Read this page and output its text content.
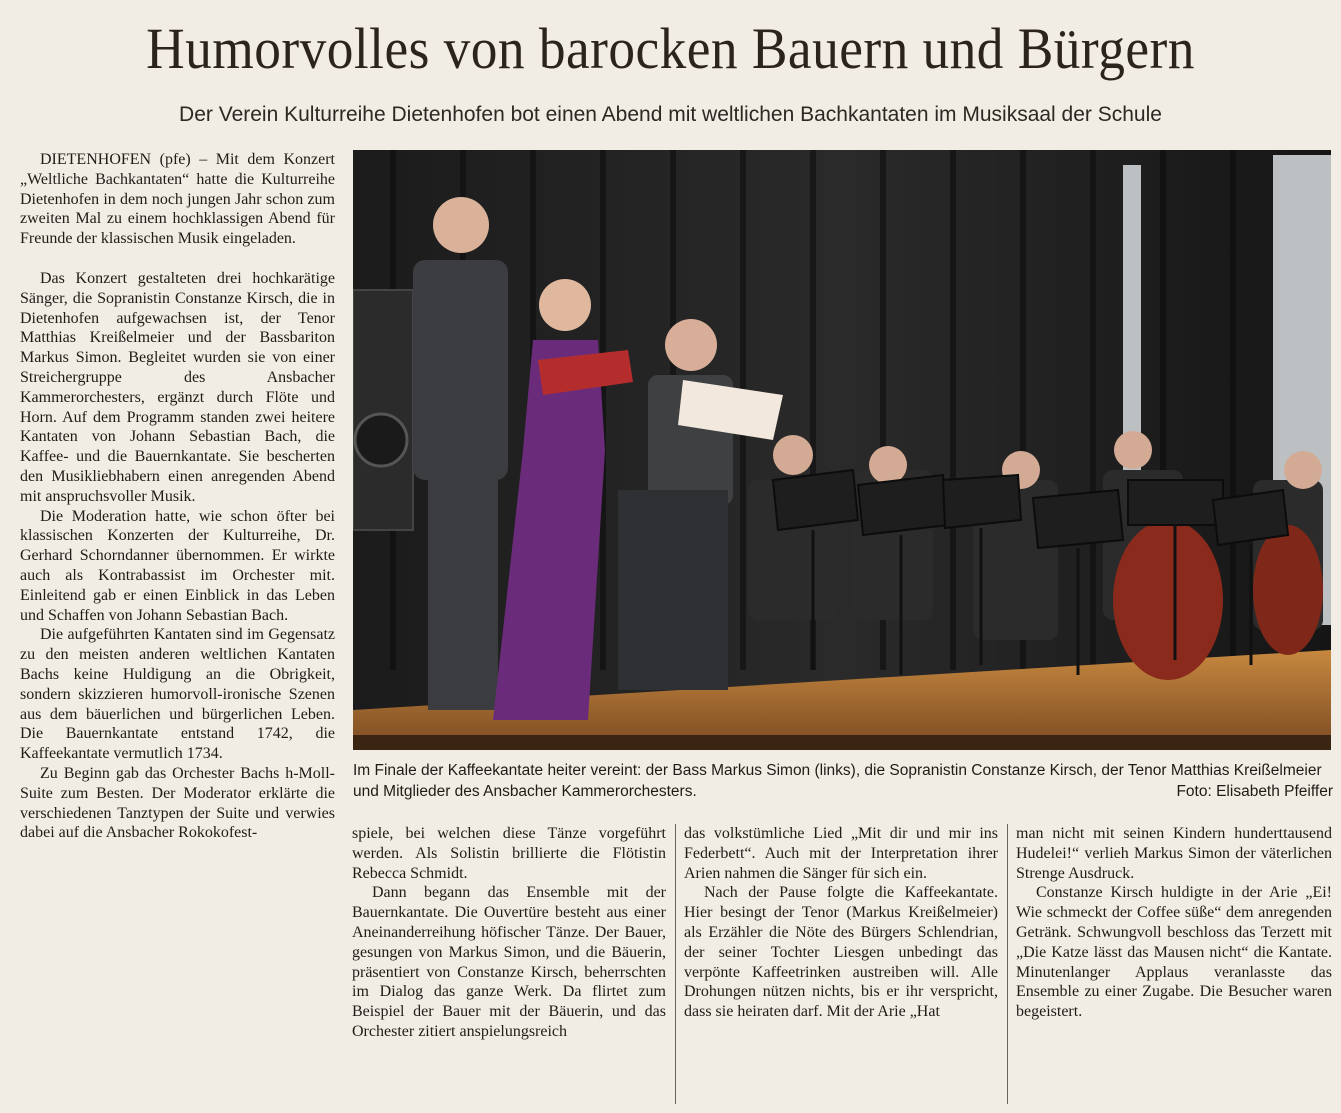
Humorvolles von barocken Bauern und Bürgern
Der Verein Kulturreihe Dietenhofen bot einen Abend mit weltlichen Bachkantaten im Musiksaal der Schule

DIETENHOFEN (pfe) – Mit dem Konzert „Weltliche Bachkantaten“ hatte die Kulturreihe Dietenhofen in dem noch jungen Jahr schon zum zweiten Mal zu einem hochklassigen Abend für Freunde der klassischen Musik eingeladen.

Das Konzert gestalteten drei hochkarätige Sänger, die Sopranistin Constanze Kirsch, die in Dietenhofen aufgewachsen ist, der Tenor Matthias Kreißelmeier und der Bassbariton Markus Simon. Begleitet wurden sie von einer Streichergruppe des Ansbacher Kammerorchesters, ergänzt durch Flöte und Horn. Auf dem Programm standen zwei heitere Kantaten von Johann Sebastian Bach, die Kaffee- und die Bauernkantate. Sie bescherten den Musikliebhabern einen anregenden Abend mit anspruchsvoller Musik.

Die Moderation hatte, wie schon öfter bei klassischen Konzerten der Kulturreihe, Dr. Gerhard Schorndanner übernommen. Er wirkte auch als Kontrabassist im Orchester mit. Einleitend gab er einen Einblick in das Leben und Schaffen von Johann Sebastian Bach.

Die aufgeführten Kantaten sind im Gegensatz zu den meisten anderen weltlichen Kantaten Bachs keine Huldigung an die Obrigkeit, sondern skizzieren humorvoll-ironische Szenen aus dem bäuerlichen und bürgerlichen Leben. Die Bauernkantate entstand 1742, die Kaffeekantate vermutlich 1734.

Zu Beginn gab das Orchester Bachs h-Moll-Suite zum Besten. Der Moderator erklärte die verschiedenen Tanztypen der Suite und verwies dabei auf die Ansbacher Rokokofest-

Im Finale der Kaffeekantate heiter vereint: der Bass Markus Simon (links), die Sopranistin Constanze Kirsch, der Tenor Matthias Kreißelmeier und Mitglieder des Ansbacher Kammerorchesters.	Foto: Elisabeth Pfeiffer

spiele, bei welchen diese Tänze vorgeführt werden. Als Solistin brillierte die Flötistin Rebecca Schmidt.

Dann begann das Ensemble mit der Bauernkantate. Die Ouvertüre besteht aus einer Aneinanderreihung höfischer Tänze. Der Bauer, gesungen von Markus Simon, und die Bäuerin, präsentiert von Constanze Kirsch, beherrschten im Dialog das ganze Werk. Da flirtet zum Beispiel der Bauer mit der Bäuerin, und das Orchester zitiert anspielungsreich

das volkstümliche Lied „Mit dir und mir ins Federbett“. Auch mit der Interpretation ihrer Arien nahmen die Sänger für sich ein.

Nach der Pause folgte die Kaffeekantate. Hier besingt der Tenor (Markus Kreißelmeier) als Erzähler die Nöte des Bürgers Schlendrian, der seiner Tochter Liesgen unbedingt das verpönte Kaffeetrinken austreiben will. Alle Drohungen nützen nichts, bis er ihr verspricht, dass sie heiraten darf. Mit der Arie „Hat

man nicht mit seinen Kindern hunderttausend Hudelei!“ verlieh Markus Simon der väterlichen Strenge Ausdruck.

Constanze Kirsch huldigte in der Arie „Ei! Wie schmeckt der Coffee süße“ dem anregenden Getränk. Schwungvoll beschloss das Terzett mit „Die Katze lässt das Mausen nicht“ die Kantate. Minutenlanger Applaus veranlasste das Ensemble zu einer Zugabe. Die Besucher waren begeistert.
